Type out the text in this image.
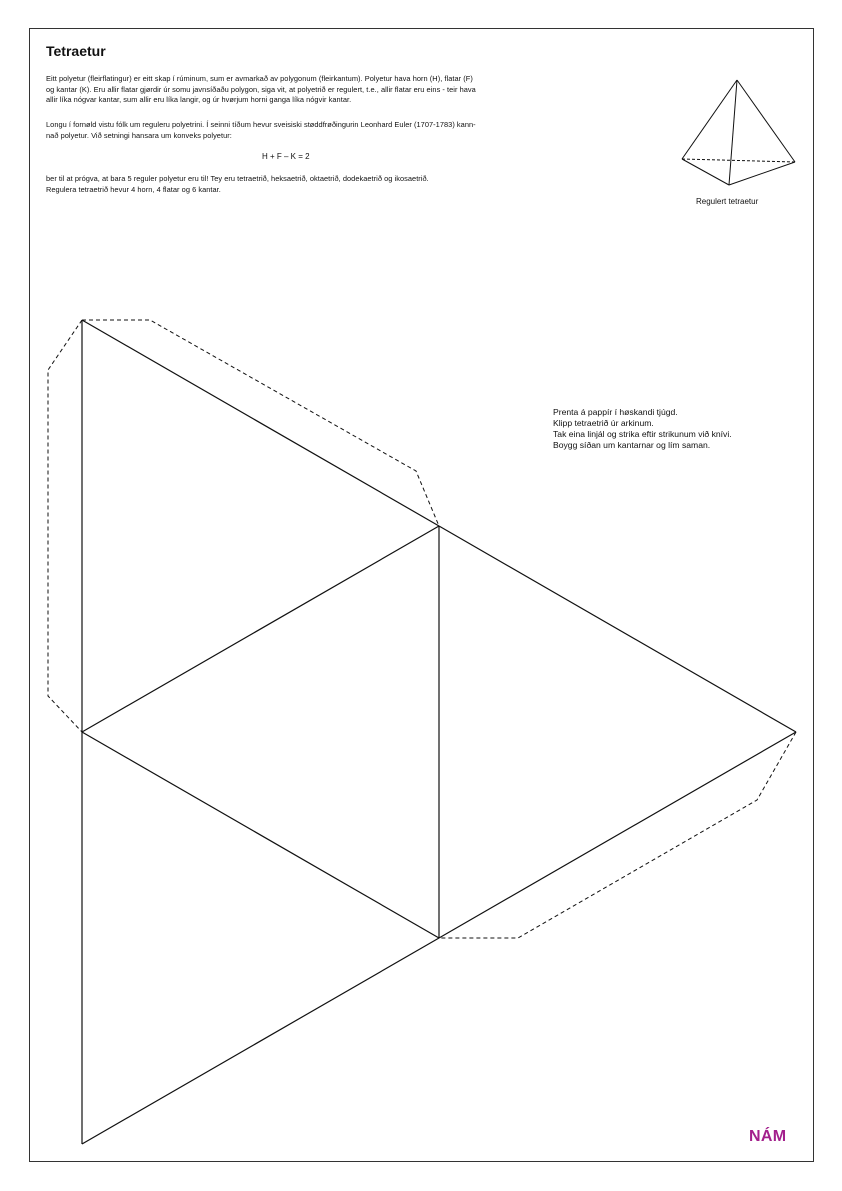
Tetraetur
Eitt polyetur (fleirflatingur) er eitt skap í rúminum, sum er avmarkað av polygonum (fleirkantum). Polyetur hava horn (H), flatar (F)
og kantar (K). Eru allir flatar gjørdir úr somu javnsíðaðu polygon, siga vit, at polyetrið er regulert, t.e., allir flatar eru eins - teir hava
allir líka nógvar kantar, sum allir eru líka langir, og úr hvørjum horni ganga líka nógvir kantar.
Longu í fornøld vistu fólk um reguleru polyetrini. Í seinni tíðum hevur sveisiski støddfrøðingurin Leonhard Euler (1707-1783) kann-
nað polyetur. Við setningi hansara um konveks polyetur:
H + F – K = 2
ber til at prógva, at bara 5 reguler polyetur eru til! Tey eru tetraetrið, heksaetrið, oktaetrið, dodekaetrið og ikosaetrið.
Regulera tetraetrið hevur 4 horn, 4 flatar og 6 kantar.
Regulert tetraetur
Prenta á pappír í høskandi tjúgd.
Klipp tetraetrið úr arkinum.
Tak eina linjál og strika eftir strikunum við knívi.
Boygg síðan um kantarnar og lím saman.
NÁM
